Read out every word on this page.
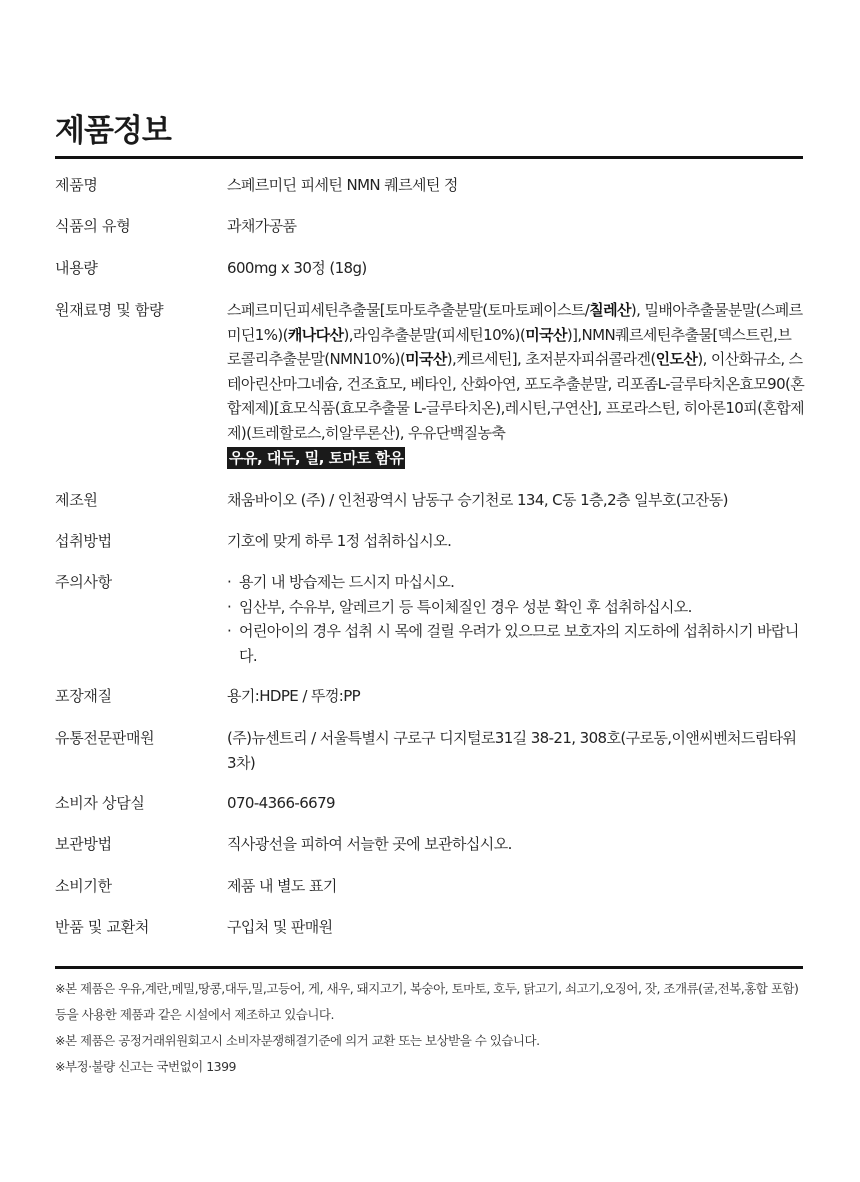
제품정보
제품명	스페르미딘 피세틴 NMN 퀘르세틴 정
식품의 유형	과채가공품
내용량	600mg x 30정 (18g)
원재료명 및 함량	스페르미딘피세틴추출물[토마토추출분말(토마토페이스트/칠레산), 밀배아추출물분말(스페르미딘1%)(캐나다산),라임추출분말(피세틴10%)(미국산)],NMN퀘르세틴추출물[덱스트린,브로콜리추출분말(NMN10%)(미국산),케르세틴], 초저분자피쉬콜라겐(인도산), 이산화규소, 스테아린산마그네슘, 건조효모, 베타인, 산화아연, 포도추출분말, 리포좀L-글루타치온효모90(혼합제제)[효모식품(효모추출물 L-글루타치온),레시틴,구연산], 프로라스틴, 히아론10피(혼합제제)(트레할로스,히알루론산), 우유단백질농축
우유, 대두, 밀, 토마토 함유
제조원	채움바이오 (주) / 인천광역시 남동구 승기천로 134, C동 1층,2층 일부호(고잔동)
섭취방법	기호에 맞게 하루 1정 섭취하십시오.
주의사항	· 용기 내 방습제는 드시지 마십시오.
· 임산부, 수유부, 알레르기 등 특이체질인 경우 성분 확인 후 섭취하십시오.
· 어린아이의 경우 섭취 시 목에 걸릴 우려가 있으므로 보호자의 지도하에 섭취하시기 바랍니다.
포장재질	용기:HDPE / 뚜껑:PP
유통전문판매원	(주)뉴센트리 / 서울특별시 구로구 디지털로31길 38-21, 308호(구로동,이앤씨벤처드림타워 3차)
소비자 상담실	070-4366-6679
보관방법	직사광선을 피하여 서늘한 곳에 보관하십시오.
소비기한	제품 내 별도 표기
반품 및 교환처	구입처 및 판매원
※본 제품은 우유,계란,메밀,땅콩,대두,밀,고등어, 게, 새우, 돼지고기, 복숭아, 토마토, 호두, 닭고기, 쇠고기,오징어, 잣, 조개류(굴,전복,홍합 포함) 등을 사용한 제품과 같은 시설에서 제조하고 있습니다.
※본 제품은 공정거래위원회고시 소비자분쟁해결기준에 의거 교환 또는 보상받을 수 있습니다.
※부정·불량 신고는 국번없이 1399
